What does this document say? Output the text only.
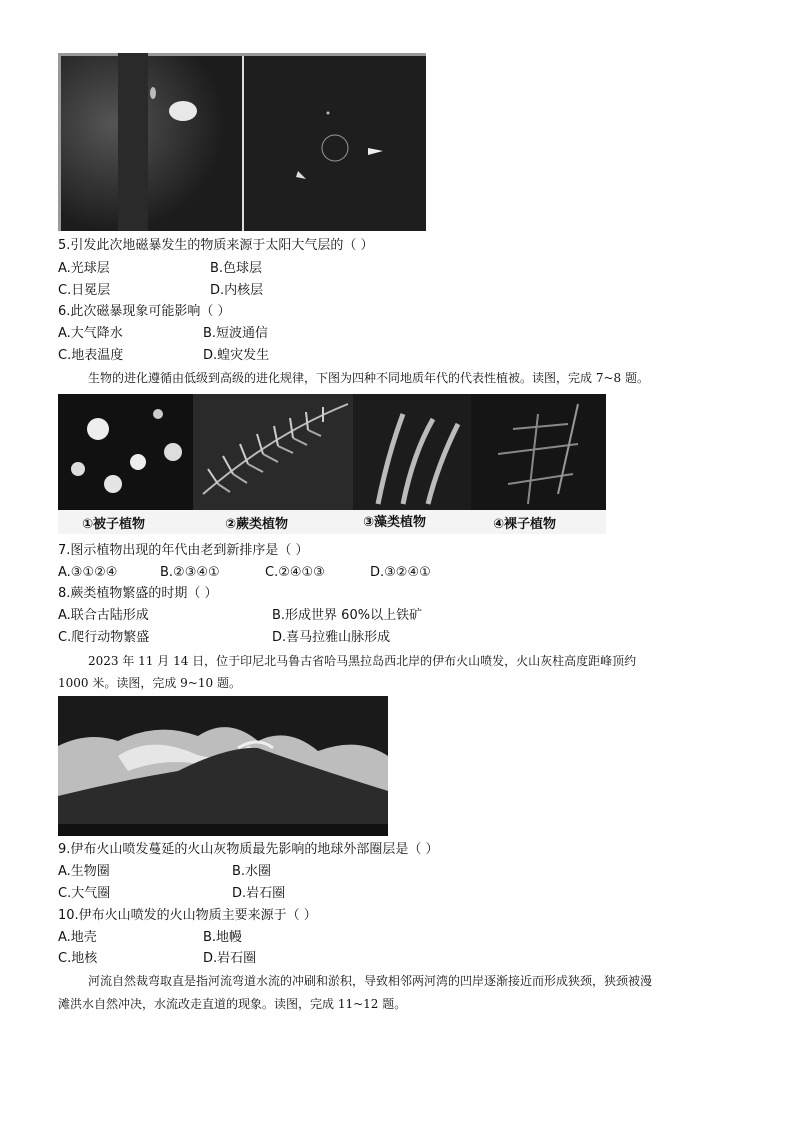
5.引发此次地磁暴发生的物质来源于太阳大气层的（ ）
A.光球层	B.色球层
C.日冕层	D.内核层
6.此次磁暴现象可能影响（ ）
A.大气降水	B.短波通信
C.地表温度	D.蝗灾发生
生物的进化遵循由低级到高级的进化规律，下图为四种不同地质年代的代表性植被。读图，完成 7~8 题。
①被子植物	②蕨类植物	③藻类植物	④裸子植物
7.图示植物出现的年代由老到新排序是（ ）
A.③①②④	B.②③④①	C.②④①③	D.③②④①
8.蕨类植物繁盛的时期（ ）
A.联合古陆形成	B.形成世界 60%以上铁矿
C.爬行动物繁盛	D.喜马拉雅山脉形成
2023 年 11 月 14 日，位于印尼北马鲁古省哈马黑拉岛西北岸的伊布火山喷发，火山灰柱高度距峰顶约
1000 米。读图，完成 9~10 题。
9.伊布火山喷发蔓延的火山灰物质最先影响的地球外部圈层是（ ）
A.生物圈	B.水圈
C.大气圈	D.岩石圈
10.伊布火山喷发的火山物质主要来源于（ ）
A.地壳	B.地幔
C.地核	D.岩石圈
河流自然裁弯取直是指河流弯道水流的冲刷和淤积，导致相邻两河湾的凹岸逐渐接近而形成狭颈，狭颈被漫
滩洪水自然冲决，水流改走直道的现象。读图，完成 11~12 题。
